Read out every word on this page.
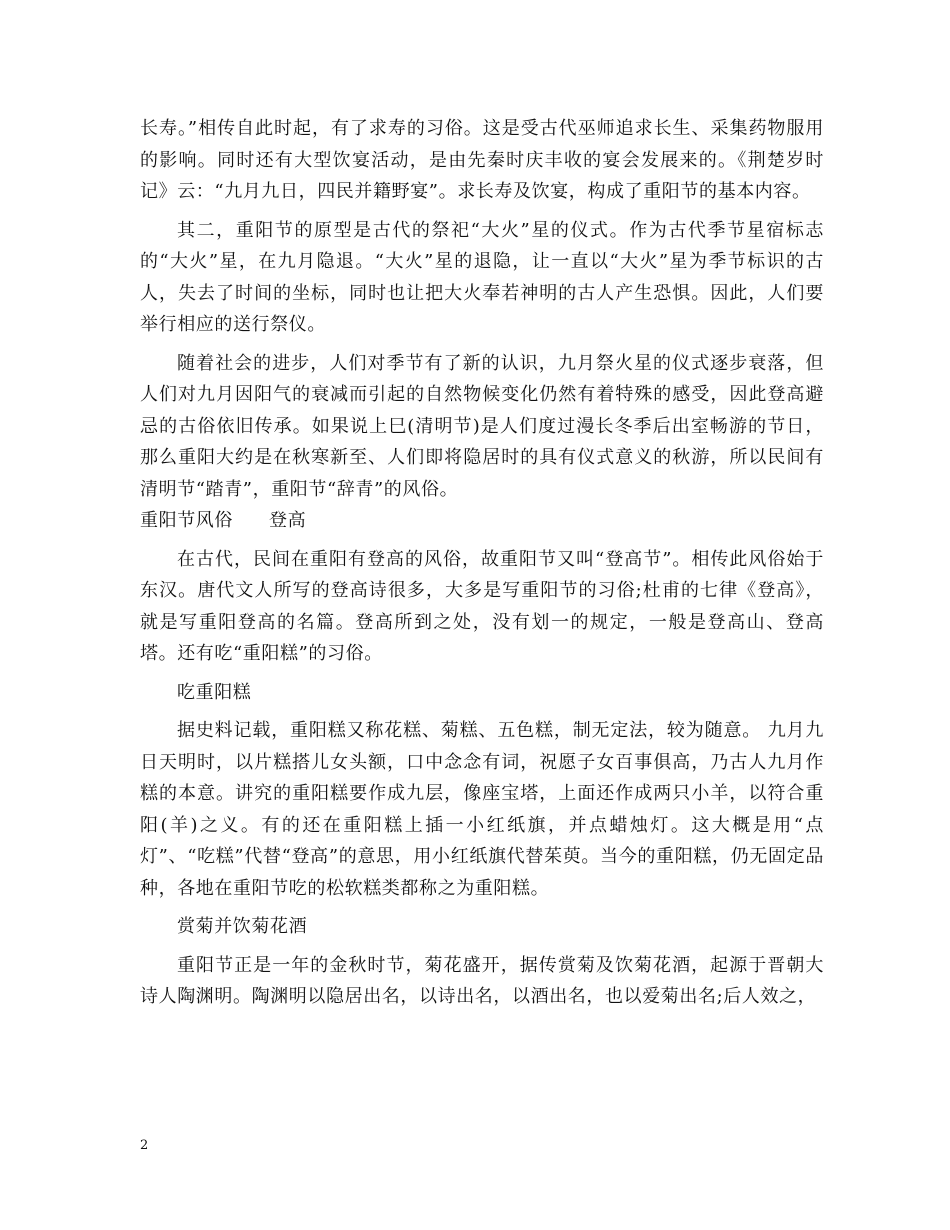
长寿。”相传自此时起，有了求寿的习俗。这是受古代巫师追求长生、采集药物服用的影响。同时还有大型饮宴活动，是由先秦时庆丰收的宴会发展来的。《荆楚岁时记》云：“九月九日，四民并籍野宴”。求长寿及饮宴，构成了重阳节的基本内容。

其二，重阳节的原型是古代的祭祀“大火”星的仪式。作为古代季节星宿标志的“大火”星，在九月隐退。“大火”星的退隐，让一直以“大火”星为季节标识的古人，失去了时间的坐标，同时也让把大火奉若神明的古人产生恐惧。因此，人们要举行相应的送行祭仪。

随着社会的进步，人们对季节有了新的认识，九月祭火星的仪式逐步衰落，但人们对九月因阳气的衰减而引起的自然物候变化仍然有着特殊的感受，因此登高避忌的古俗依旧传承。如果说上巳(清明节)是人们度过漫长冬季后出室畅游的节日，那么重阳大约是在秋寒新至、人们即将隐居时的具有仪式意义的秋游，所以民间有清明节“踏青”，重阳节“辞青”的风俗。

重阳节风俗 登高

在古代，民间在重阳有登高的风俗，故重阳节又叫“登高节”。相传此风俗始于东汉。唐代文人所写的登高诗很多，大多是写重阳节的习俗;杜甫的七律《登高》，就是写重阳登高的名篇。登高所到之处，没有划一的规定，一般是登高山、登高塔。还有吃“重阳糕”的习俗。

吃重阳糕

据史料记载，重阳糕又称花糕、菊糕、五色糕，制无定法，较为随意。 九月九日天明时，以片糕搭儿女头额，口中念念有词，祝愿子女百事俱高，乃古人九月作糕的本意。讲究的重阳糕要作成九层，像座宝塔，上面还作成两只小羊，以符合重阳(羊)之义。有的还在重阳糕上插一小红纸旗，并点蜡烛灯。这大概是用“点灯”、“吃糕”代替“登高”的意思，用小红纸旗代替茱萸。当今的重阳糕，仍无固定品种，各地在重阳节吃的松软糕类都称之为重阳糕。

赏菊并饮菊花酒

重阳节正是一年的金秋时节，菊花盛开，据传赏菊及饮菊花酒，起源于晋朝大诗人陶渊明。陶渊明以隐居出名，以诗出名，以酒出名，也以爱菊出名;后人效之，

2
